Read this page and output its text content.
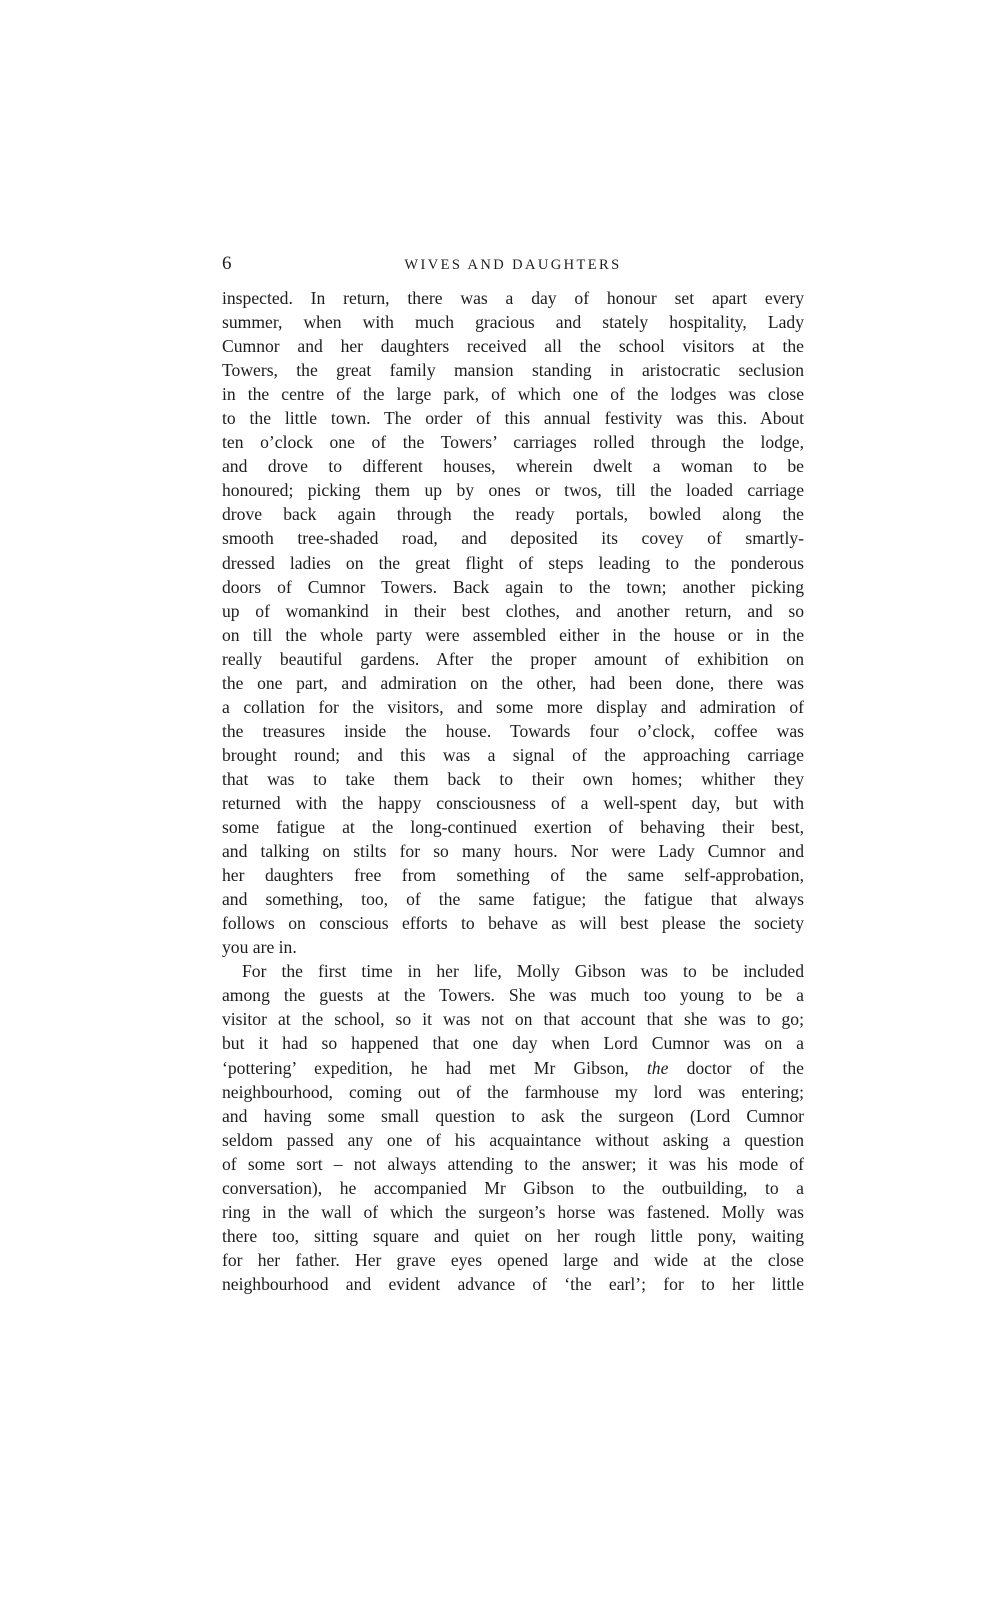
6	WIVES AND DAUGHTERS
inspected. In return, there was a day of honour set apart every
summer, when with much gracious and stately hospitality, Lady
Cumnor and her daughters received all the school visitors at the
Towers, the great family mansion standing in aristocratic seclusion
in the centre of the large park, of which one of the lodges was close
to the little town. The order of this annual festivity was this. About
ten o’clock one of the Towers’ carriages rolled through the lodge,
and drove to different houses, wherein dwelt a woman to be
honoured; picking them up by ones or twos, till the loaded carriage
drove back again through the ready portals, bowled along the
smooth tree-shaded road, and deposited its covey of smartly-
dressed ladies on the great flight of steps leading to the ponderous
doors of Cumnor Towers. Back again to the town; another picking
up of womankind in their best clothes, and another return, and so
on till the whole party were assembled either in the house or in the
really beautiful gardens. After the proper amount of exhibition on
the one part, and admiration on the other, had been done, there was
a collation for the visitors, and some more display and admiration of
the treasures inside the house. Towards four o’clock, coffee was
brought round; and this was a signal of the approaching carriage
that was to take them back to their own homes; whither they
returned with the happy consciousness of a well-spent day, but with
some fatigue at the long-continued exertion of behaving their best,
and talking on stilts for so many hours. Nor were Lady Cumnor and
her daughters free from something of the same self-approbation,
and something, too, of the same fatigue; the fatigue that always
follows on conscious efforts to behave as will best please the society
you are in.
For the first time in her life, Molly Gibson was to be included
among the guests at the Towers. She was much too young to be a
visitor at the school, so it was not on that account that she was to go;
but it had so happened that one day when Lord Cumnor was on a
‘pottering’ expedition, he had met Mr Gibson, the doctor of the
neighbourhood, coming out of the farmhouse my lord was entering;
and having some small question to ask the surgeon (Lord Cumnor
seldom passed any one of his acquaintance without asking a question
of some sort – not always attending to the answer; it was his mode of
conversation), he accompanied Mr Gibson to the outbuilding, to a
ring in the wall of which the surgeon’s horse was fastened. Molly was
there too, sitting square and quiet on her rough little pony, waiting
for her father. Her grave eyes opened large and wide at the close
neighbourhood and evident advance of ‘the earl’; for to her little
